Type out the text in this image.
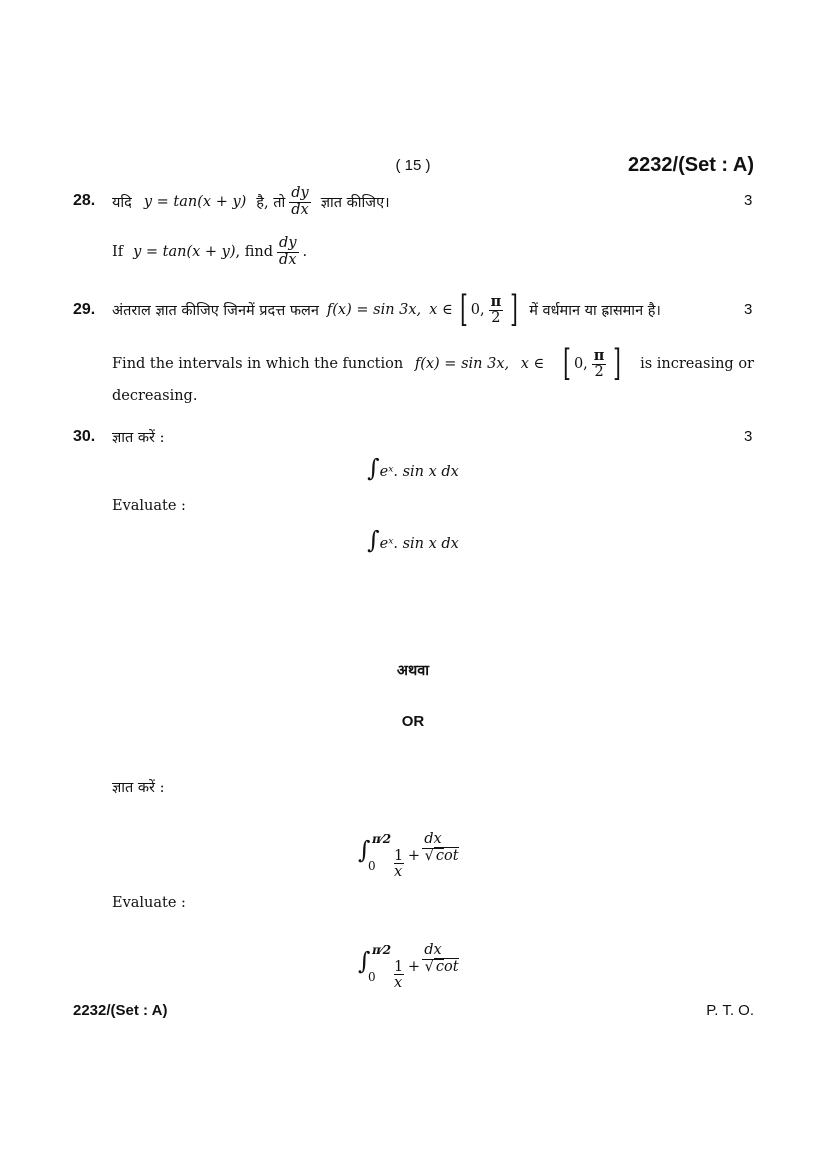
( 15 )	2232/(Set : A)
28. यदि y = tan(x + y) है, तो $\frac{dy}{dx}$ ज्ञात कीजिए।	3
If y = tan(x + y) , find $\frac{dy}{dx}$ .
29. अंतराल ज्ञात कीजिए जिनमें प्रदत्त फलन f(x) = sin 3x, x ∈ [ 0, $\frac{\pi}{2}$ ] में वर्धमान या ह्रासमान है।	3
Find the intervals in which the function f(x) = sin 3x, x ∈ [ 0, $\frac{\pi}{2}$ ] is increasing or
decreasing.
30. ज्ञात करें :	3
∫eˣ. sin x dx
Evaluate :
∫eˣ. sin x dx
अथवा
OR
ज्ञात करें :
∫ π⁄2
$0 \frac{dx}{\text{1 + √ cot x}}$
Evaluate :
∫ π⁄2
$0 \frac{dx}{\text{1 + √ cot x}}$
2232/(Set : A)	P. T. O.
